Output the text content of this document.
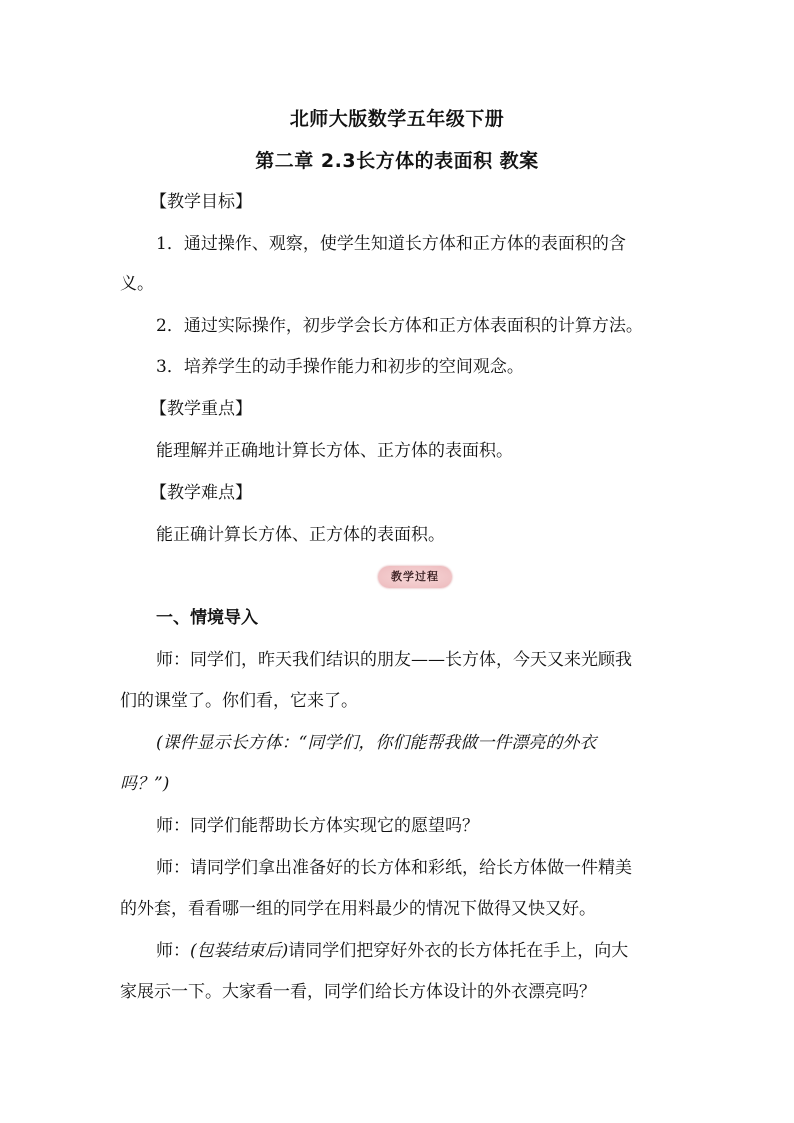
北师大版数学五年级下册
第二章 2.3长方体的表面积 教案
【教学目标】
1．通过操作、观察，使学生知道长方体和正方体的表面积的含
义。
2．通过实际操作，初步学会长方体和正方体表面积的计算方法。
3．培养学生的动手操作能力和初步的空间观念。
【教学重点】
能理解并正确地计算长方体、正方体的表面积。
【教学难点】
能正确计算长方体、正方体的表面积。
教学过程
一、情境导入
师：同学们，昨天我们结识的朋友——长方体，今天又来光顾我
们的课堂了。你们看，它来了。
(课件显示长方体：“同学们，你们能帮我做一件漂亮的外衣
吗？”)
师：同学们能帮助长方体实现它的愿望吗？
师：请同学们拿出准备好的长方体和彩纸，给长方体做一件精美
的外套，看看哪一组的同学在用料最少的情况下做得又快又好。
师：(包装结束后)请同学们把穿好外衣的长方体托在手上，向大
家展示一下。大家看一看，同学们给长方体设计的外衣漂亮吗？
